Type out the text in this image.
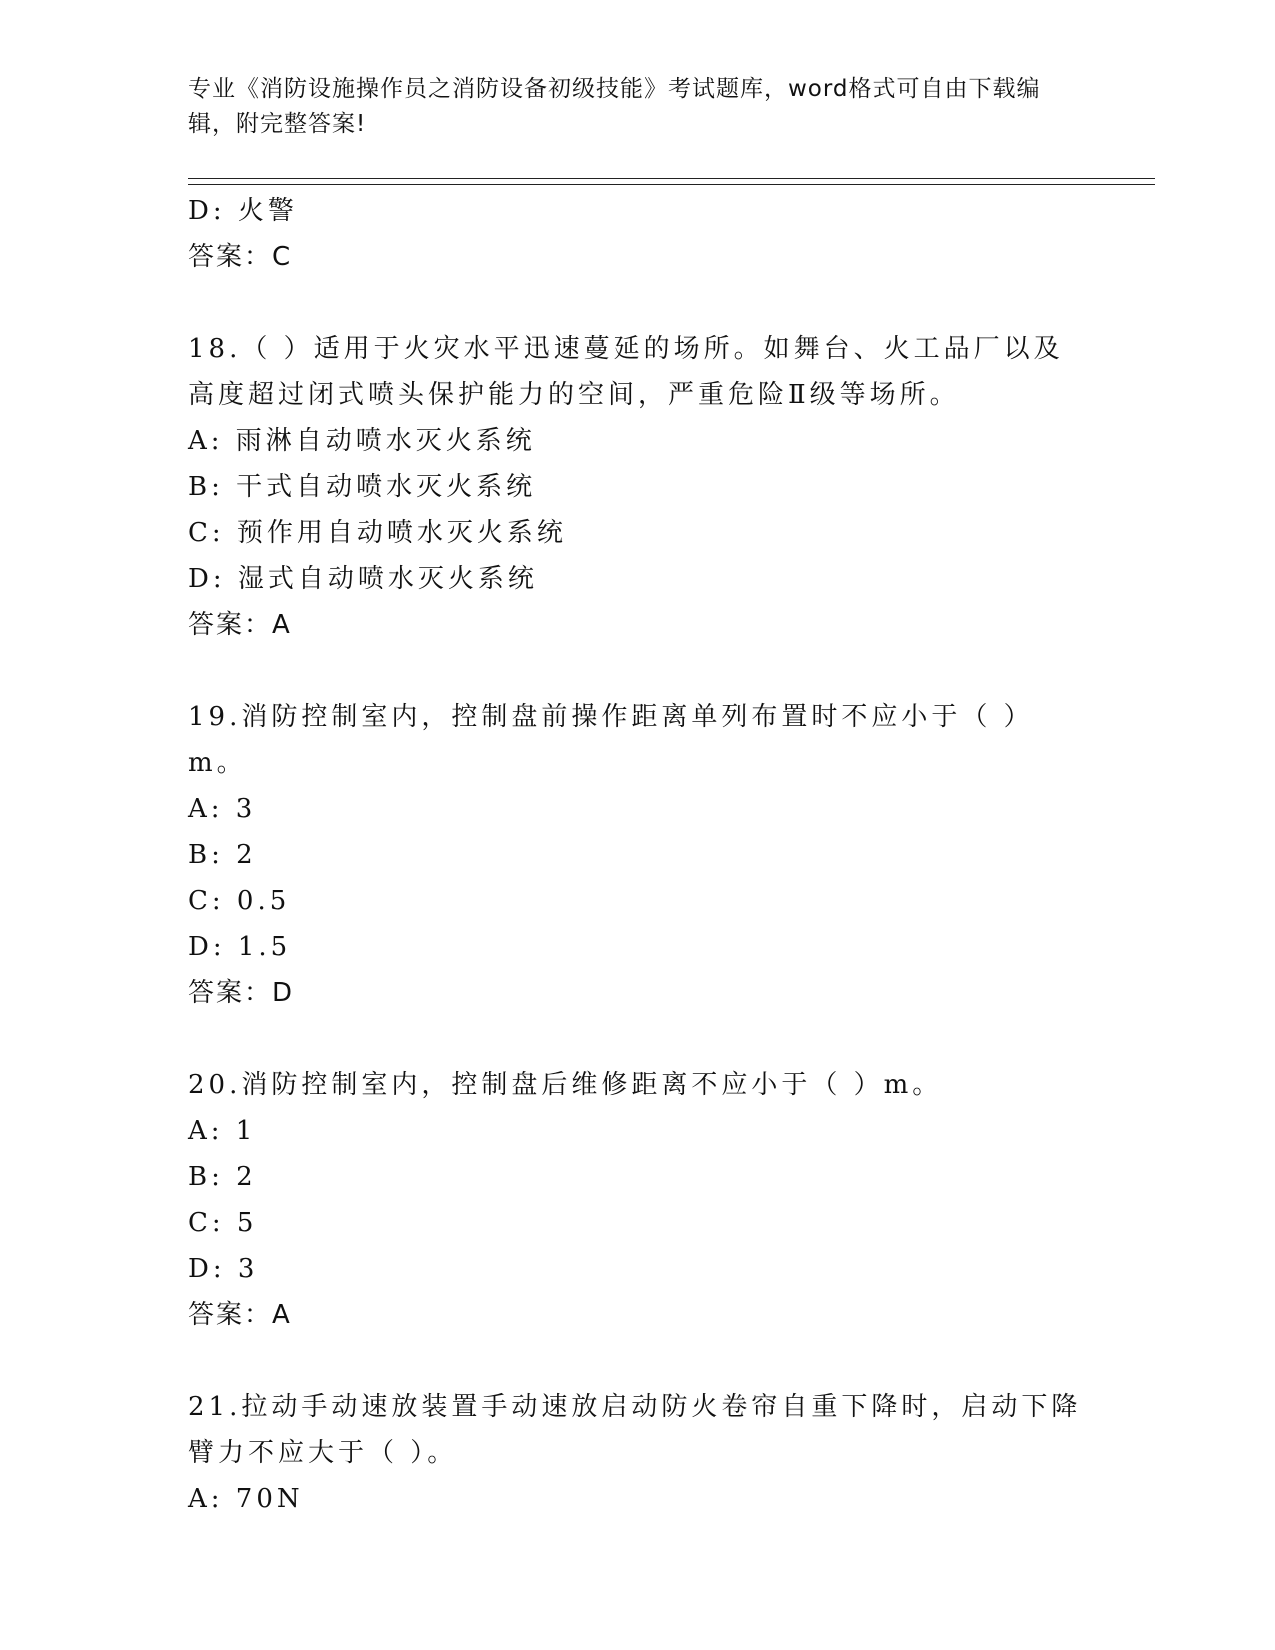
专业《消防设施操作员之消防设备初级技能》考试题库，word格式可自由下载编辑，附完整答案!
D: 火警
答案：C
18.（ ）适用于火灾水平迅速蔓延的场所。如舞台、火工品厂以及高度超过闭式喷头保护能力的空间，严重危险Ⅱ级等场所。
A: 雨淋自动喷水灭火系统
B: 干式自动喷水灭火系统
C: 预作用自动喷水灭火系统
D: 湿式自动喷水灭火系统
答案：A
19.消防控制室内，控制盘前操作距离单列布置时不应小于（ ）m。
A: 3
B: 2
C: 0.5
D: 1.5
答案：D
20.消防控制室内，控制盘后维修距离不应小于（ ）m。
A: 1
B: 2
C: 5
D: 3
答案：A
21.拉动手动速放装置手动速放启动防火卷帘自重下降时，启动下降臂力不应大于（ ）。
A: 70N
